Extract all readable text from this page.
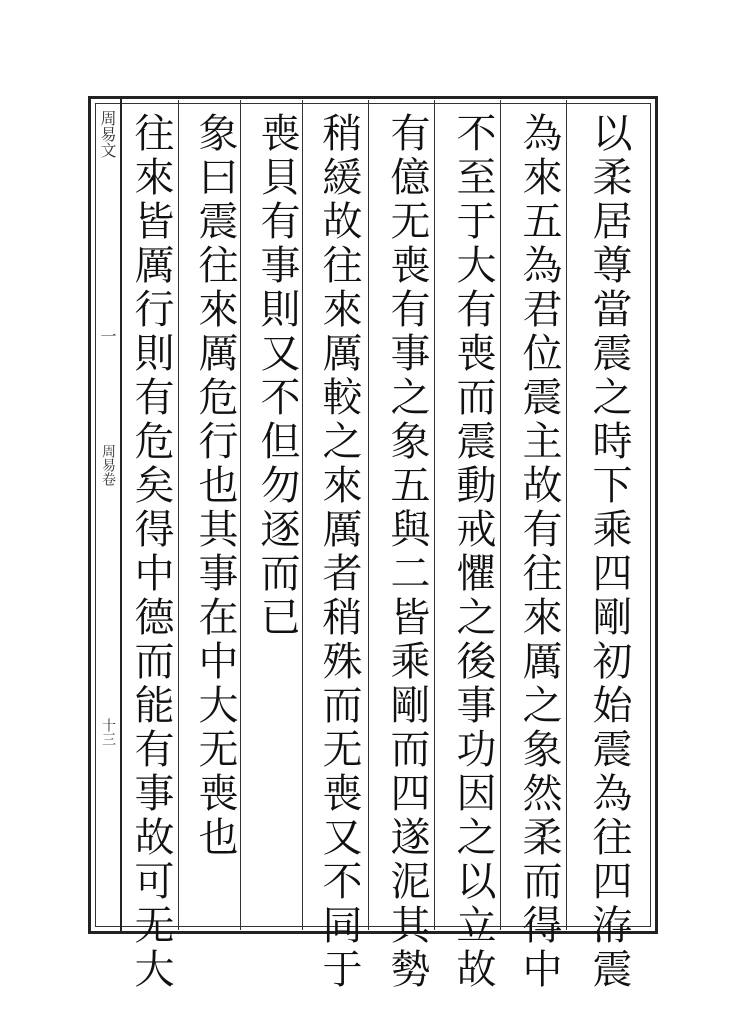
周易文
一
周易卷
十三	以柔居尊當震之時下乘四剛初始震為往四洊震
為來五為君位震主故有往來厲之象然柔而得中
不至于大有喪而震動戒懼之後事功因之以立故
有億无喪有事之象五與二皆乘剛而四遂泥其勢
稍緩故往來厲較之來厲者稍殊而无喪又不同于
喪貝有事則又不但勿逐而已
象曰震往來厲危行也其事在中大无喪也
往來皆厲行則有危矣得中德而能有事故可无大
